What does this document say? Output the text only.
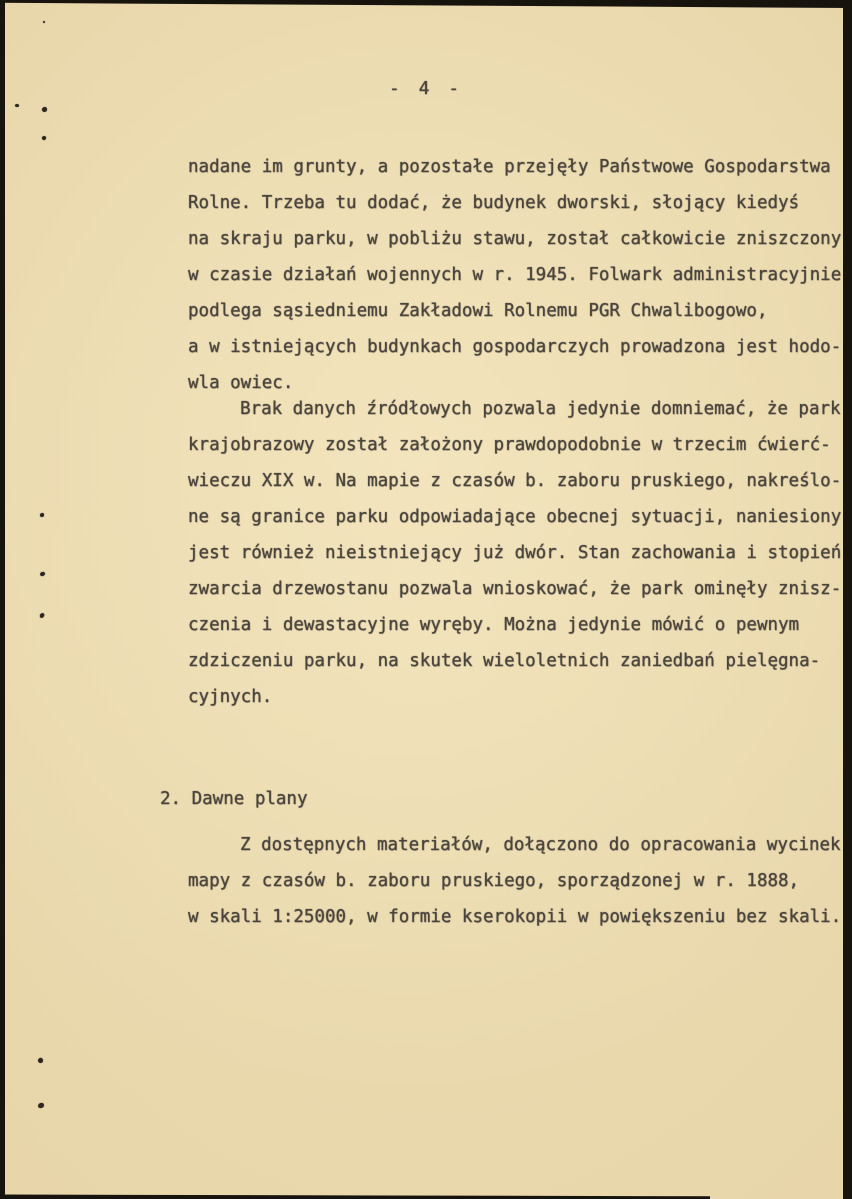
- 4 -
nadane im grunty, a pozostałe przejęły Państwowe Gospodarstwa
Rolne. Trzeba tu dodać, że budynek dworski, słojący kiedyś
na skraju parku, w pobliżu stawu, został całkowicie zniszczony
w czasie działań wojennych w r. 1945. Folwark administracyjnie
podlega sąsiedniemu Zakładowi Rolnemu PGR Chwalibogowo,
a w istniejących budynkach gospodarczych prowadzona jest hodo-
wla owiec.
Brak danych źródłowych pozwala jedynie domniemać, że park
krajobrazowy został założony prawdopodobnie w trzecim ćwierć-
wieczu XIX w. Na mapie z czasów b. zaboru pruskiego, nakreślo-
ne są granice parku odpowiadające obecnej sytuacji, naniesiony
jest również nieistniejący już dwór. Stan zachowania i stopień
zwarcia drzewostanu pozwala wnioskować, że park ominęły znisz-
czenia i dewastacyjne wyręby. Można jedynie mówić o pewnym
zdziczeniu parku, na skutek wieloletnich zaniedbań pielęgna-
cyjnych.
2. Dawne plany
Z dostępnych materiałów, dołączono do opracowania wycinek
mapy z czasów b. zaboru pruskiego, sporządzonej w r. 1888,
w skali 1:25000, w formie kserokopii w powiększeniu bez skali.
